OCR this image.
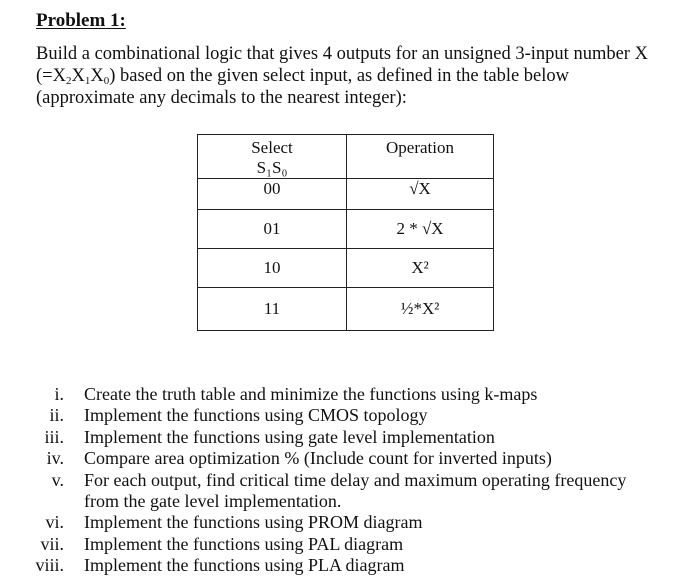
Problem 1:
Build a combinational logic that gives 4 outputs for an unsigned 3-input number X
$(=X_2X_1X_0)$ based on the given select input, as defined in the table below
(approximate any decimals to the nearest integer):
Select
S₁S₀	Operation

00	√X
01	2 * √X
10	X²
11	½*X²
i. Create the truth table and minimize the functions using k-maps
ii. Implement the functions using CMOS topology
iii. Implement the functions using gate level implementation
iv. Compare area optimization % (Include count for inverted inputs)
v. For each output, find critical time delay and maximum operating frequency from the gate level implementation.
vi. Implement the functions using PROM diagram
vii. Implement the functions using PAL diagram
viii. Implement the functions using PLA diagram
